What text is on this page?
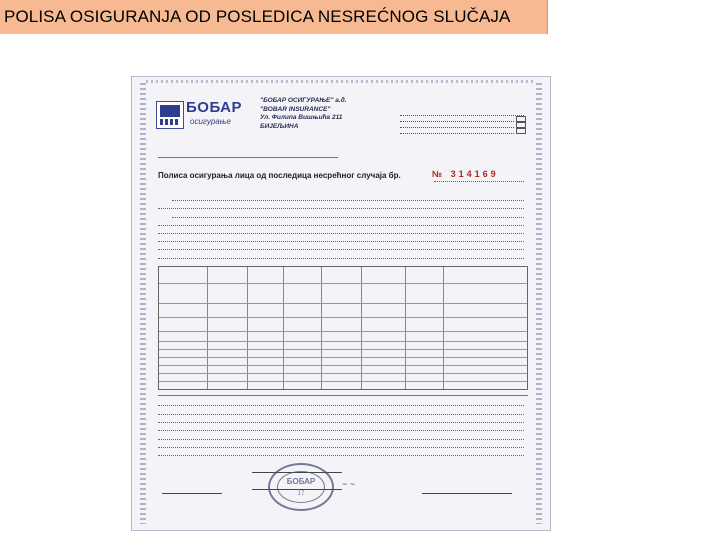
POLISA OSIGURANJA OD POSLEDICA NESREĆNOG SLUČAJA
БОБАР
осигурање
"БОБАР ОСИГУРАЊЕ" а.д.
"BOBAR INSURANCE"
Ул. Филипа Вишњића 211
БИЈЕЉИНА
Полиса осигурања лица од последица несрећног случаја бр.	№ 314169
~ ~
БОБАР
17
